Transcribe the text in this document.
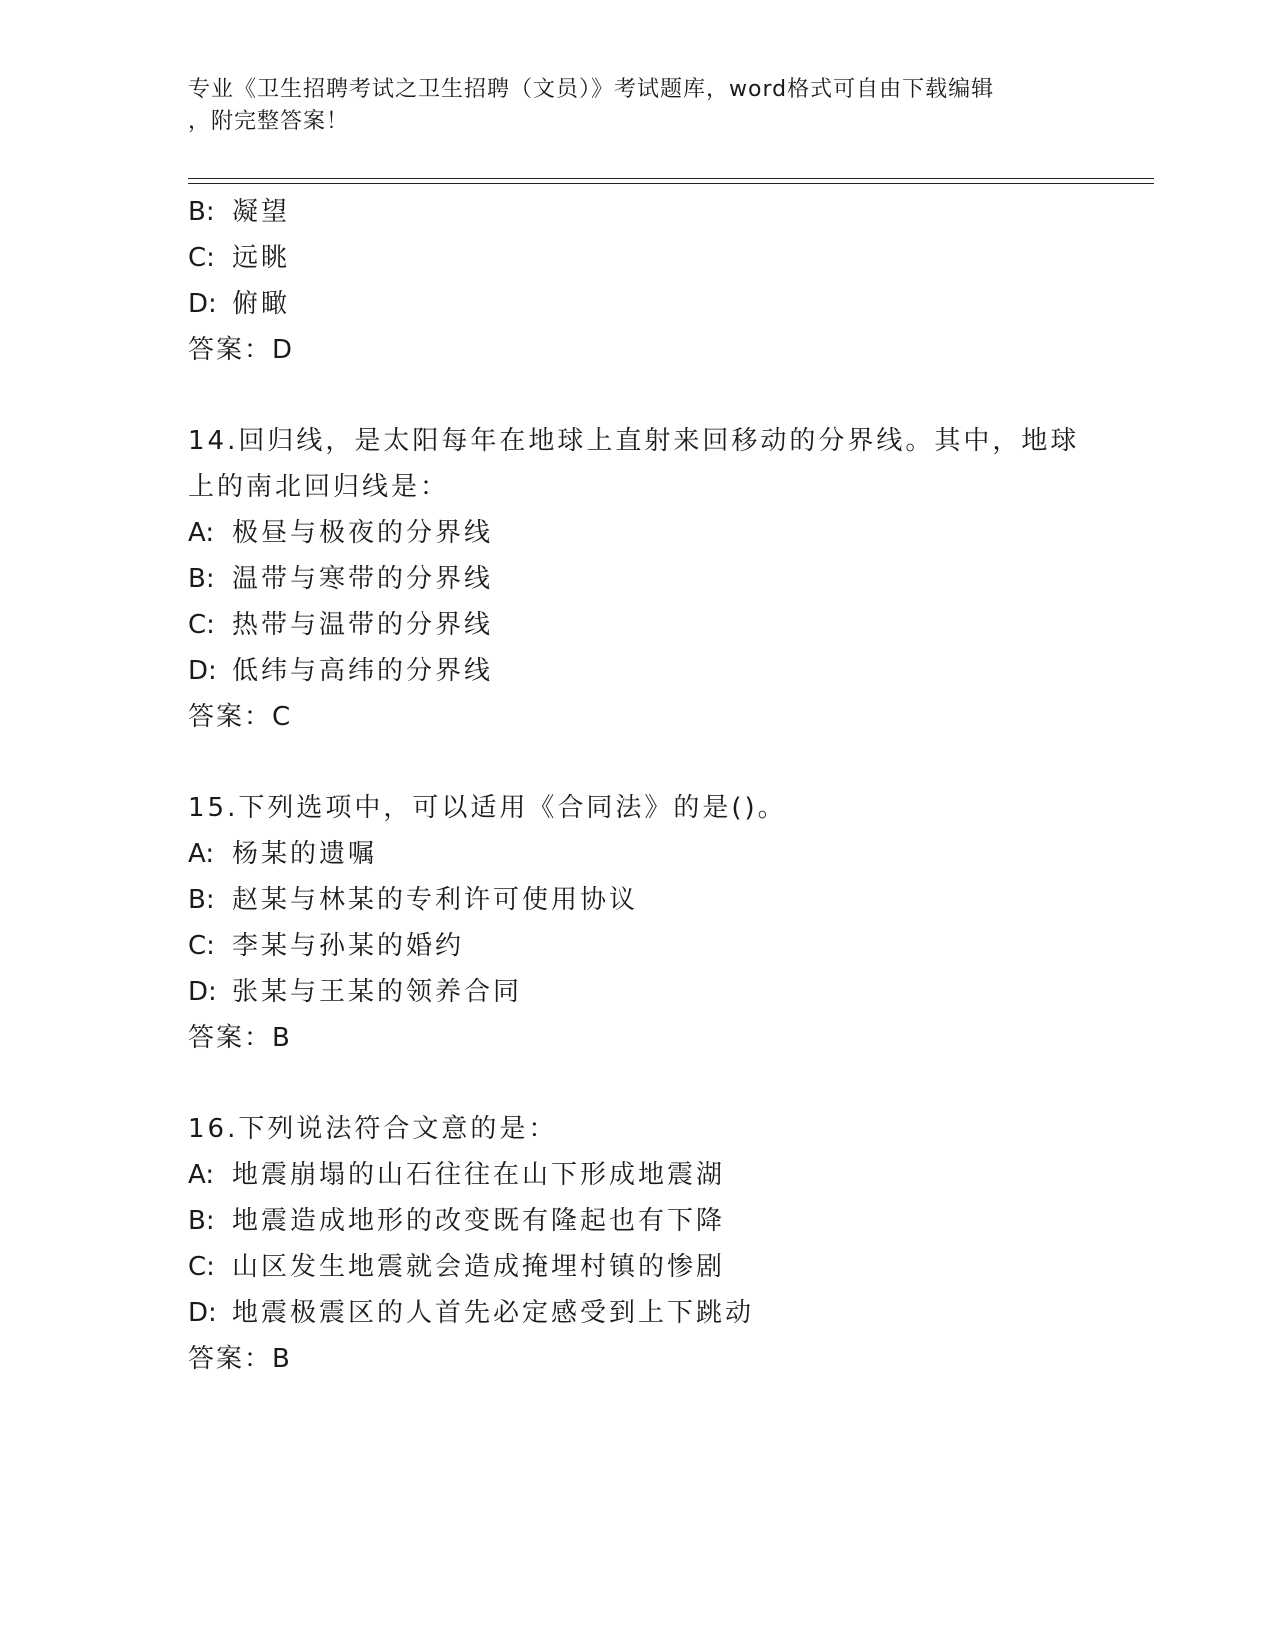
专业《卫生招聘考试之卫生招聘（文员）》考试题库，word格式可自由下载编辑
，附完整答案！
B: 凝望
C: 远眺
D: 俯瞰
答案：D
14.回归线，是太阳每年在地球上直射来回移动的分界线。其中，地球
上的南北回归线是：
A: 极昼与极夜的分界线
B: 温带与寒带的分界线
C: 热带与温带的分界线
D: 低纬与高纬的分界线
答案：C
15.下列选项中，可以适用《合同法》的是()。
A: 杨某的遗嘱
B: 赵某与林某的专利许可使用协议
C: 李某与孙某的婚约
D: 张某与王某的领养合同
答案：B
16.下列说法符合文意的是：
A: 地震崩塌的山石往往在山下形成地震湖
B: 地震造成地形的改变既有隆起也有下降
C: 山区发生地震就会造成掩埋村镇的惨剧
D: 地震极震区的人首先必定感受到上下跳动
答案：B
